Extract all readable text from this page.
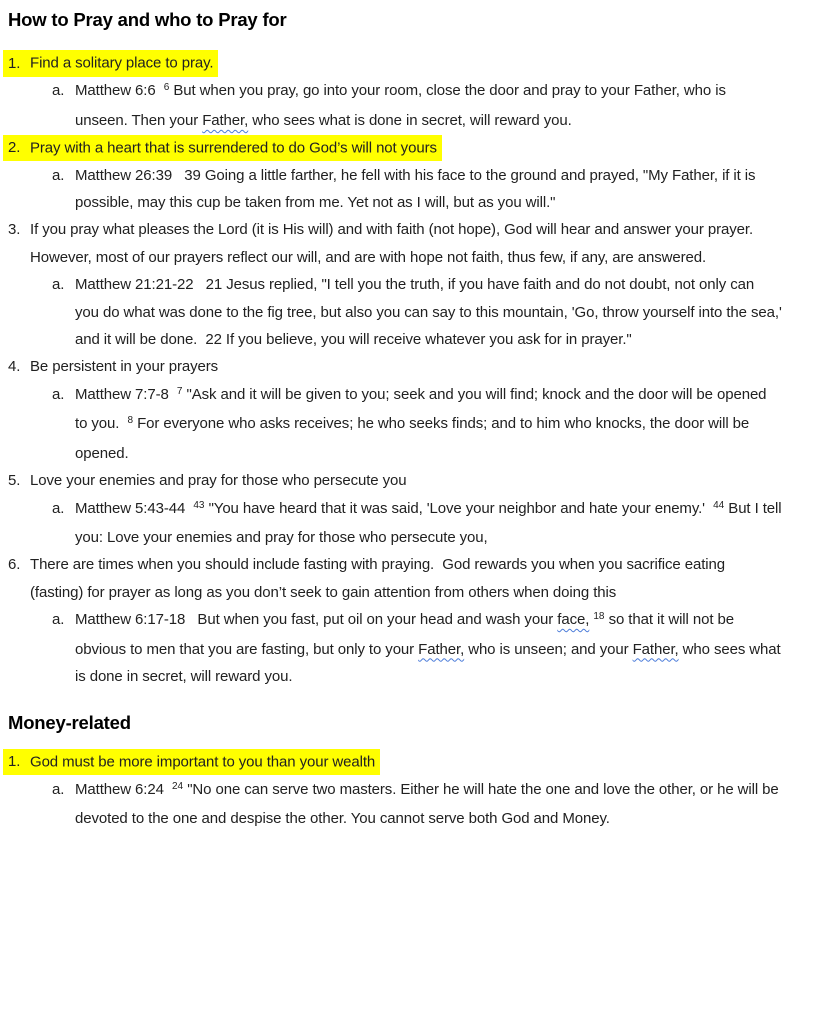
How to Pray and who to Pray for
1. Find a solitary place to pray.
a. Matthew 6:6  $^6$ But when you pray, go into your room, close the door and pray to your Father, who is unseen. Then your Father, who sees what is done in secret, will reward you.
2. Pray with a heart that is surrendered to do God’s will not yours
a. Matthew 26:39   39 Going a little farther, he fell with his face to the ground and prayed, "My Father, if it is possible, may this cup be taken from me. Yet not as I will, but as you will."
3. If you pray what pleases the Lord (it is His will) and with faith (not hope), God will hear and answer your prayer.  However, most of our prayers reflect our will, and are with hope not faith, thus few, if any, are answered.
a. Matthew 21:21-22   21 Jesus replied, "I tell you the truth, if you have faith and do not doubt, not only can you do what was done to the fig tree, but also you can say to this mountain, 'Go, throw yourself into the sea,' and it will be done.  22 If you believe, you will receive whatever you ask for in prayer."
4. Be persistent in your prayers
a. Matthew 7:7-8  $^7$ "Ask and it will be given to you; seek and you will find; knock and the door will be opened to you.  $^8$ For everyone who asks receives; he who seeks finds; and to him who knocks, the door will be opened.
5. Love your enemies and pray for those who persecute you
a. Matthew 5:43-44  $^{43}$ "You have heard that it was said, 'Love your neighbor and hate your enemy.'  $^{44}$ But I tell you: Love your enemies and pray for those who persecute you,
6. There are times when you should include fasting with praying.  God rewards you when you sacrifice eating (fasting) for prayer as long as you don’t seek to gain attention from others when doing this
a. Matthew 6:17-18   But when you fast, put oil on your head and wash your face, $^{18}$ so that it will not be obvious to men that you are fasting, but only to your Father, who is unseen; and your Father, who sees what is done in secret, will reward you.
Money-related
1. God must be more important to you than your wealth
a. Matthew 6:24  $^{24}$ "No one can serve two masters. Either he will hate the one and love the other, or he will be devoted to the one and despise the other. You cannot serve both God and Money.
